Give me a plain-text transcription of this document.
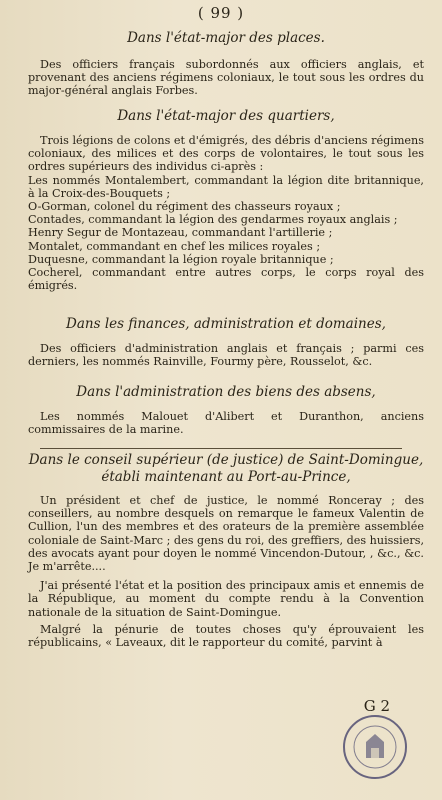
( 99 )
Dans l'état-major des places.
Des officiers français subordonnés aux officiers anglais, et provenant des anciens régimens coloniaux, le tout sous les ordres du major-général anglais Forbes.
Dans l'état-major des quartiers,
Trois légions de colons et d'émigrés, des débris d'anciens régimens coloniaux, des milices et des corps de volontaires, le tout sous les ordres supérieurs des individus ci-après :
Les nommés Montalembert, commandant la légion dite britannique, à la Croix-des-Bouquets ;
O-Gorman, colonel du régiment des chasseurs royaux ;
Contades, commandant la légion des gendarmes royaux anglais ;
Henry Segur de Montazeau, commandant l'artillerie ;
Montalet, commandant en chef les milices royales ;
Duquesne, commandant la légion royale britannique ;
Cocherel, commandant entre autres corps, le corps royal des émigrés.
Dans les finances, administration et domaines,
Des officiers d'administration anglais et français ; parmi ces derniers, les nommés Rainville, Fourmy père, Rousselot, &c.
Dans l'administration des biens des absens,
Les nommés Malouet d'Alibert et Duranthon, anciens commissaires de la marine.
Dans le conseil supérieur (de justice) de Saint-Domingue, établi maintenant au Port-au-Prince,
Un président et chef de justice, le nommé Ronceray ; des conseillers, au nombre desquels on remarque le fameux Valentin de Cullion, l'un des membres et des orateurs de la première assemblée coloniale de Saint-Marc ; des gens du roi, des greffiers, des huissiers, des avocats ayant pour doyen le nommé Vincendon-Dutour, , &c., &c. Je m'arrête....
J'ai présenté l'état et la position des principaux amis et ennemis de la République, au moment du compte rendu à la Convention nationale de la situation de Saint-Domingue.
Malgré la pénurie de toutes choses qu'y éprouvaient les républicains, « Laveaux, dit le rapporteur du comité, parvint à
G 2
